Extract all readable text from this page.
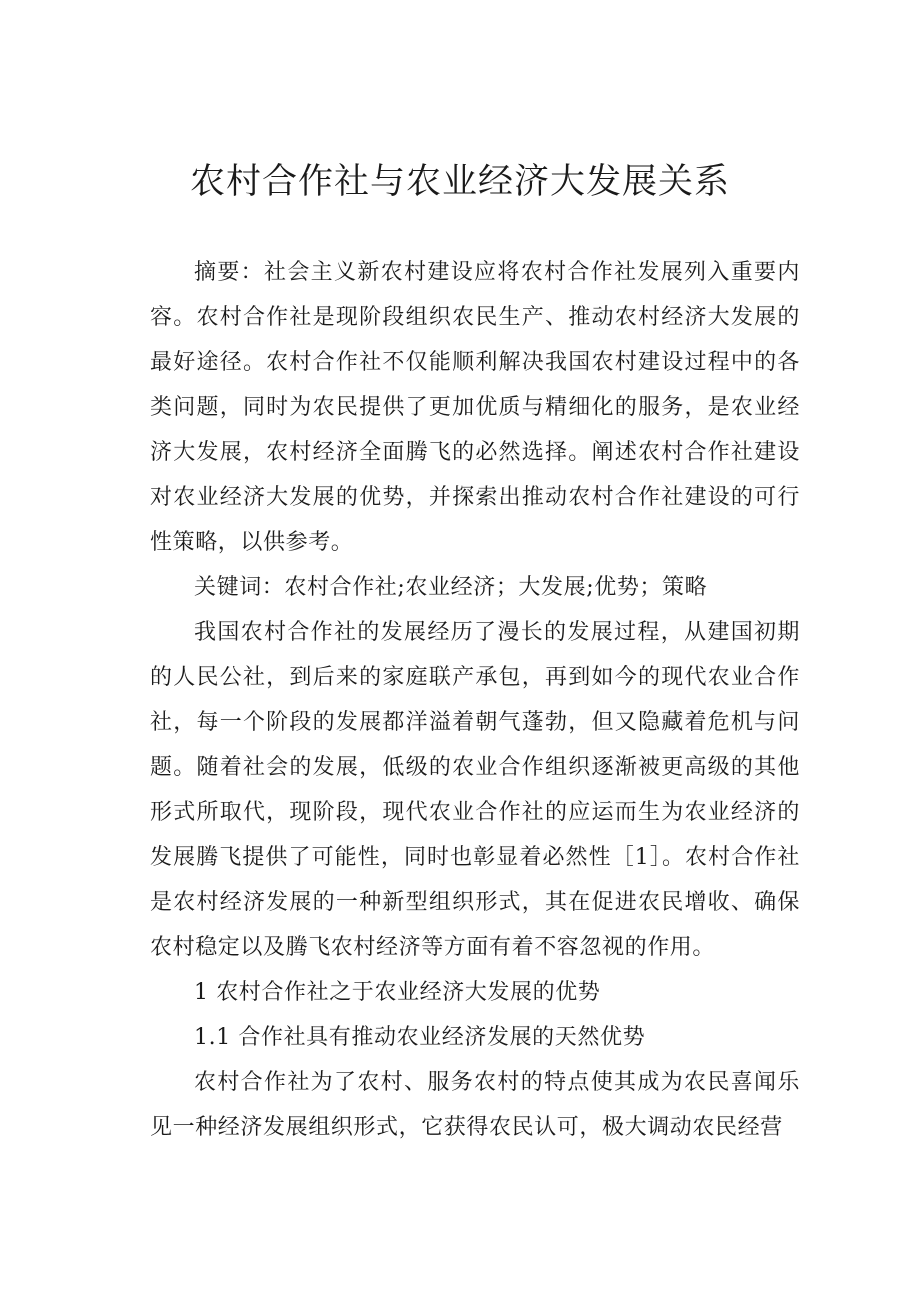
农村合作社与农业经济大发展关系

摘要：社会主义新农村建设应将农村合作社发展列入重要内容。农村合作社是现阶段组织农民生产、推动农村经济大发展的最好途径。农村合作社不仅能顺利解决我国农村建设过程中的各类问题，同时为农民提供了更加优质与精细化的服务，是农业经济大发展，农村经济全面腾飞的必然选择。阐述农村合作社建设对农业经济大发展的优势，并探索出推动农村合作社建设的可行性策略，以供参考。

关键词：农村合作社;农业经济；大发展;优势；策略

我国农村合作社的发展经历了漫长的发展过程，从建国初期的人民公社，到后来的家庭联产承包，再到如今的现代农业合作社，每一个阶段的发展都洋溢着朝气蓬勃，但又隐藏着危机与问题。随着社会的发展，低级的农业合作组织逐渐被更高级的其他形式所取代，现阶段，现代农业合作社的应运而生为农业经济的发展腾飞提供了可能性，同时也彰显着必然性［1］。农村合作社是农村经济发展的一种新型组织形式，其在促进农民增收、确保农村稳定以及腾飞农村经济等方面有着不容忽视的作用。

1 农村合作社之于农业经济大发展的优势

1.1 合作社具有推动农业经济发展的天然优势

农村合作社为了农村、服务农村的特点使其成为农民喜闻乐见一种经济发展组织形式，它获得农民认可，极大调动农民经营
